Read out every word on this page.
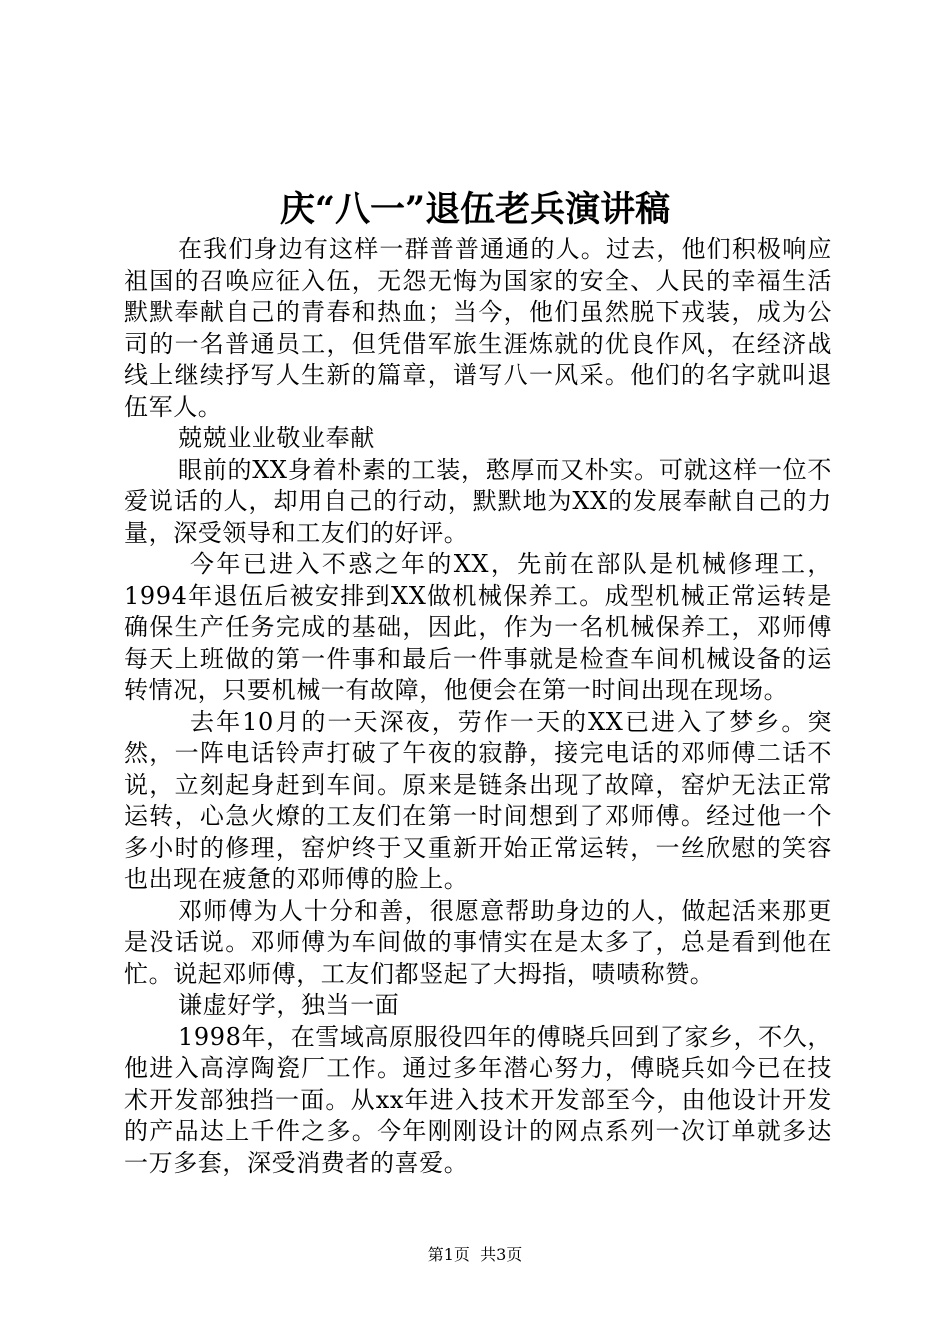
庆“八一”退伍老兵演讲稿

在我们身边有这样一群普普通通的人。过去，他们积极响应祖国的召唤应征入伍，无怨无悔为国家的安全、人民的幸福生活默默奉献自己的青春和热血；当今，他们虽然脱下戎装，成为公司的一名普通员工，但凭借军旅生涯炼就的优良作风，在经济战线上继续抒写人生新的篇章，谱写八一风采。他们的名字就叫退伍军人。

兢兢业业敬业奉献

眼前的XX身着朴素的工装，憨厚而又朴实。可就这样一位不爱说话的人，却用自己的行动，默默地为XX的发展奉献自己的力量，深受领导和工友们的好评。

今年已进入不惑之年的XX，先前在部队是机械修理工，1994年退伍后被安排到XX做机械保养工。成型机械正常运转是确保生产任务完成的基础，因此，作为一名机械保养工，邓师傅每天上班做的第一件事和最后一件事就是检查车间机械设备的运转情况，只要机械一有故障，他便会在第一时间出现在现场。

去年10月的一天深夜，劳作一天的XX已进入了梦乡。突然，一阵电话铃声打破了午夜的寂静，接完电话的邓师傅二话不说，立刻起身赶到车间。原来是链条出现了故障，窑炉无法正常运转，心急火燎的工友们在第一时间想到了邓师傅。经过他一个多小时的修理，窑炉终于又重新开始正常运转，一丝欣慰的笑容也出现在疲惫的邓师傅的脸上。

邓师傅为人十分和善，很愿意帮助身边的人，做起活来那更是没话说。邓师傅为车间做的事情实在是太多了，总是看到他在忙。说起邓师傅，工友们都竖起了大拇指，啧啧称赞。

谦虚好学，独当一面

1998年，在雪域高原服役四年的傅晓兵回到了家乡，不久，他进入高淳陶瓷厂工作。通过多年潜心努力，傅晓兵如今已在技术开发部独挡一面。从xx年进入技术开发部至今，由他设计开发的产品达上千件之多。今年刚刚设计的网点系列一次订单就多达一万多套，深受消费者的喜爱。

第1页 共3页
